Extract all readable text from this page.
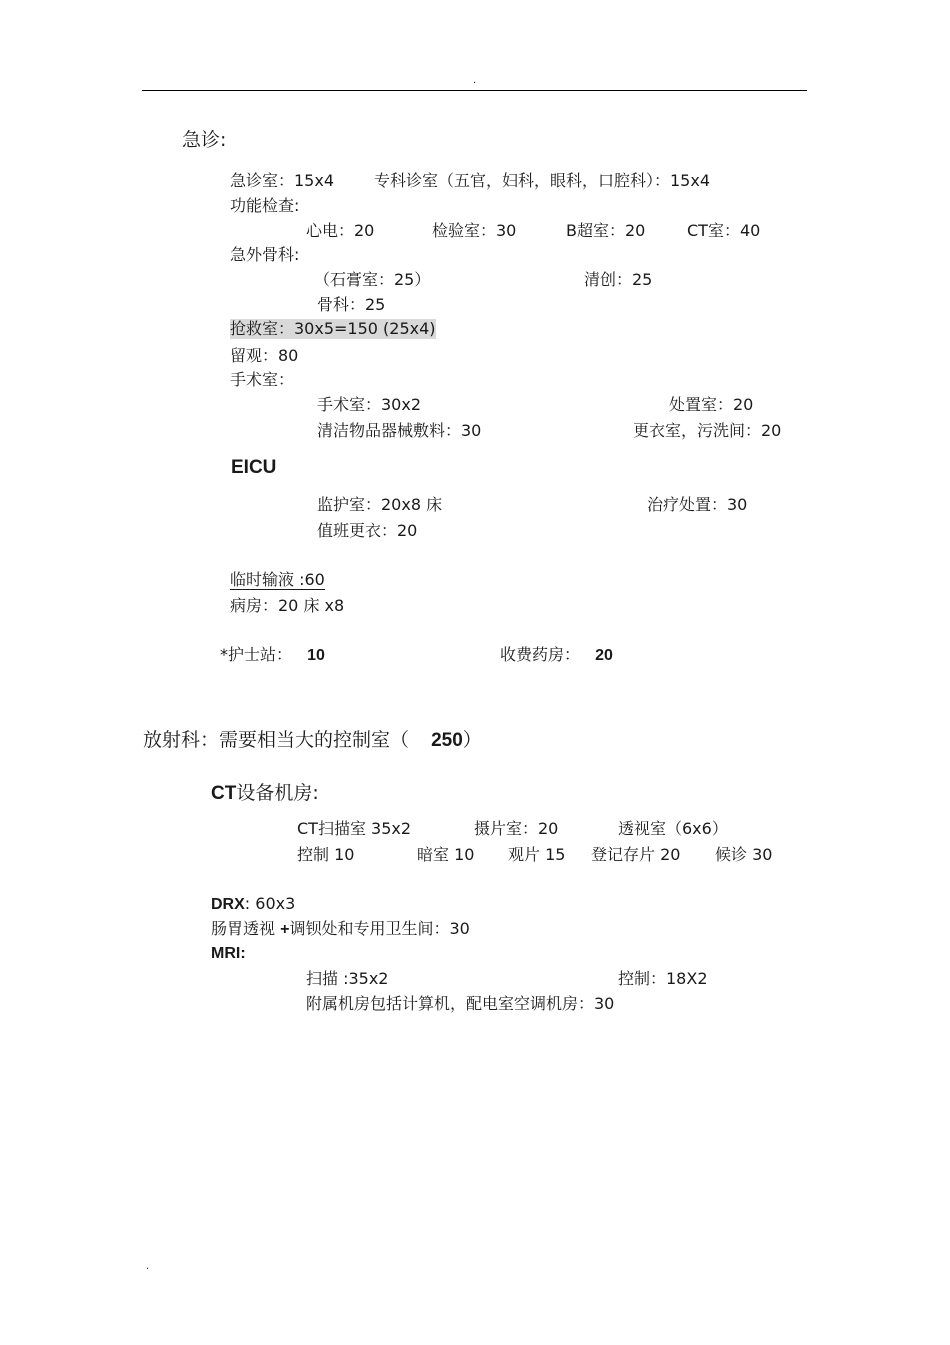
.
急诊:
急诊室：15x4 专科诊室（五官，妇科，眼科，口腔科）：15x4
功能检查:
心电：20	检验室：30	B超室：20	CT室：40
急外骨科:
（石膏室：25）	清创：25
骨科：25
抢救室：30x5=150 (25x4)
留观：80
手术室：
手术室：30x2	处置室：20
清洁物品器械敷料：30	更衣室，污洗间：20
EICU
监护室：20x8 床	治疗处置：30
值班更衣：20
临时输液 :60
病房：20 床 x8
*护士站： 10	收费药房： 20
放射科：需要相当大的控制室（ 250）
CT设备机房:
CT扫描室 35x2	摄片室：20	透视室（6x6）
控制 10	暗室 10 观片 15 登记存片 20 候诊 30
DRX: 60x3
肠胃透视 +调钡处和专用卫生间：30
MRI:
扫描 :35x2	控制：18X2
附属机房包括计算机，配电室空调机房：30
.
